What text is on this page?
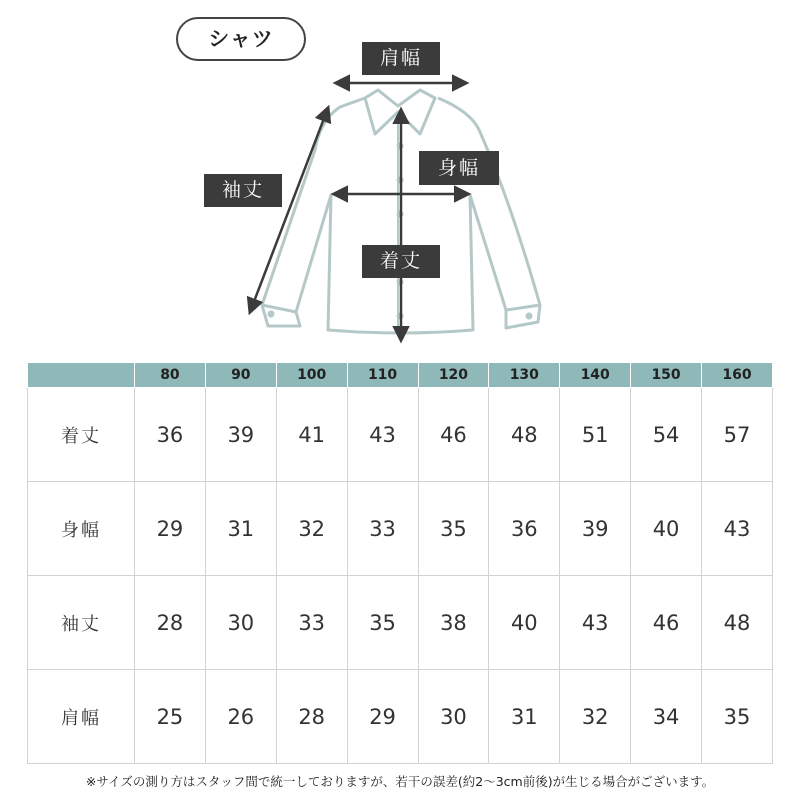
シャツ
肩幅
身幅
袖丈
着丈
	80	90	100	110	120	130	140	150	160
着丈	36	39	41	43	46	48	51	54	57
身幅	29	31	32	33	35	36	39	40	43
袖丈	28	30	33	35	38	40	43	46	48
肩幅	25	26	28	29	30	31	32	34	35
※サイズの測り方はスタッフ間で統一しておりますが、若干の誤差(約2～3cm前後)が生じる場合がございます。
